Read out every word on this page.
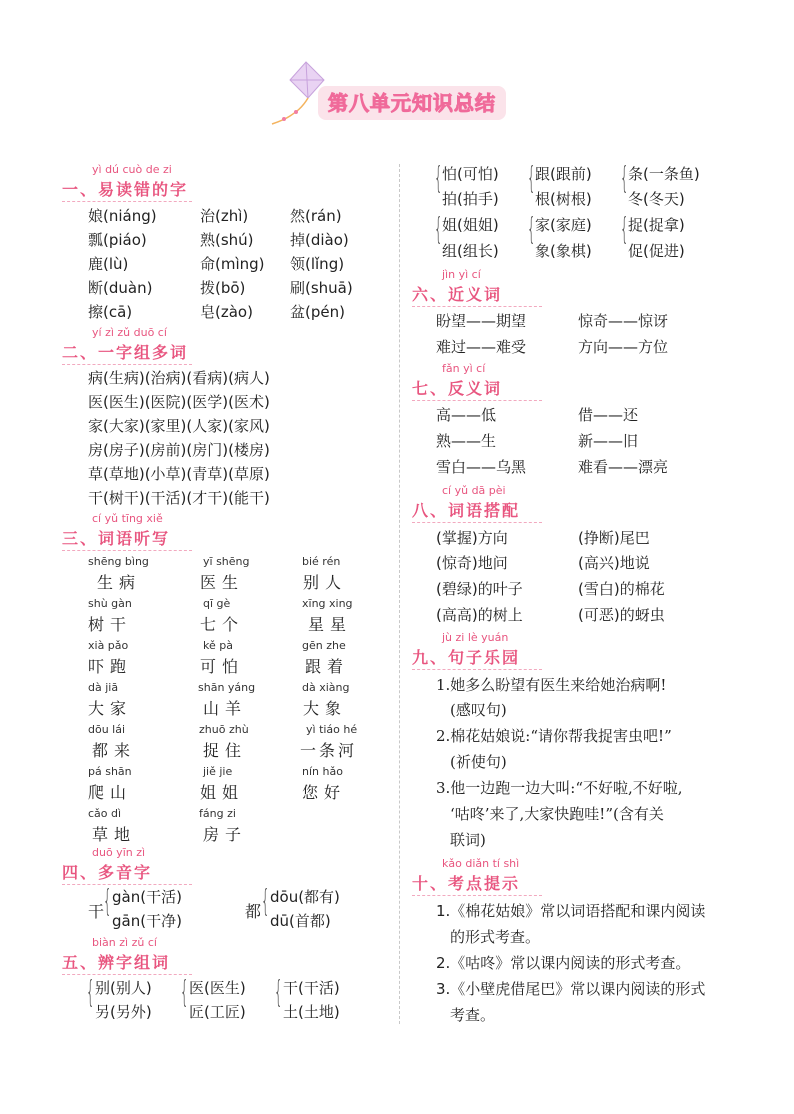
第八单元知识总结
yì dú cuò de zi
一、易读错的字
娘(niáng)	治(zhì)	然(rán)
瓢(piáo)	熟(shú) 掉(diào)
鹿(lù)	命(mìng) 领(lǐng)
断(duàn)	拨(bō)	刷(shuā)
擦(cā)	皂(zào) 盆(pén)
yí zì zǔ duō cí
二、一字组多词
病(生病)(治病)(看病)(病人)
医(医生)(医院)(医学)(医术)
家(大家)(家里)(人家)(家风)
房(房子)(房前)(房门)(楼房)
草(草地)(小草)(青草)(草原)
干(树干)(干活)(才干)(能干)
cí yǔ tīng xiě
三、词语听写
shēng bìng	yī shēng	bié rén
生病	医生	别人
shù gàn	qī gè	xīng xing
树干	七个	星星
xià pǎo	kě pà	gēn zhe
吓跑	可怕	跟着
dà jiā	shān yáng	dà xiàng
大家	山羊	大象
dōu lái	zhuō zhù	yì tiáo hé
都来	捉住	一条河
pá shān	jiě jie	nín hǎo
爬山	姐姐	您好
cǎo dì	fáng zi
草地	房子
duō yīn zì
四、多音字
干
{ gàn(干活)
gān(干净)	都 { dōu(都有)
dū(首都)
biàn zì zǔ cí
五、辨字组词
{ 别(别人)
另(另外)
{ 医(医生)
匠(工匠)
{ 干(干活)
土(土地)
{ 怕(可怕)
拍(拍手)
{ 跟(跟前)
根(树根)
{ 条(一条鱼)
冬(冬天)
{ 姐(姐姐)
组(组长)
{ 家(家庭)
象(象棋)
{ 捉(捉拿)
促(促进)
jìn yì cí
六、近义词
盼望——期望	惊奇——惊讶
难过——难受	方向——方位
fǎn yì cí
七、反义词
高——低	借——还
熟——生	新——旧
雪白——乌黑	难看——漂亮
cí yǔ dā pèi
八、词语搭配
(掌握)方向	(挣断)尾巴
(惊奇)地问	(高兴)地说
(碧绿)的叶子	(雪白)的棉花
(高高)的树上	(可恶)的蚜虫
jù zi lè yuán
九、句子乐园
1.她多么盼望有医生来给她治病啊!
(感叹句)
2.棉花姑娘说:“请你帮我捉害虫吧!”
(祈使句)
3.他一边跑一边大叫:“不好啦,不好啦,
‘咕咚’来了,大家快跑哇!”(含有关
联词)
kǎo diǎn tí shì
十、考点提示
1.《棉花姑娘》常以词语搭配和课内阅读
的形式考查。
2.《咕咚》常以课内阅读的形式考查。
3.《小壁虎借尾巴》常以课内阅读的形式
考查。
